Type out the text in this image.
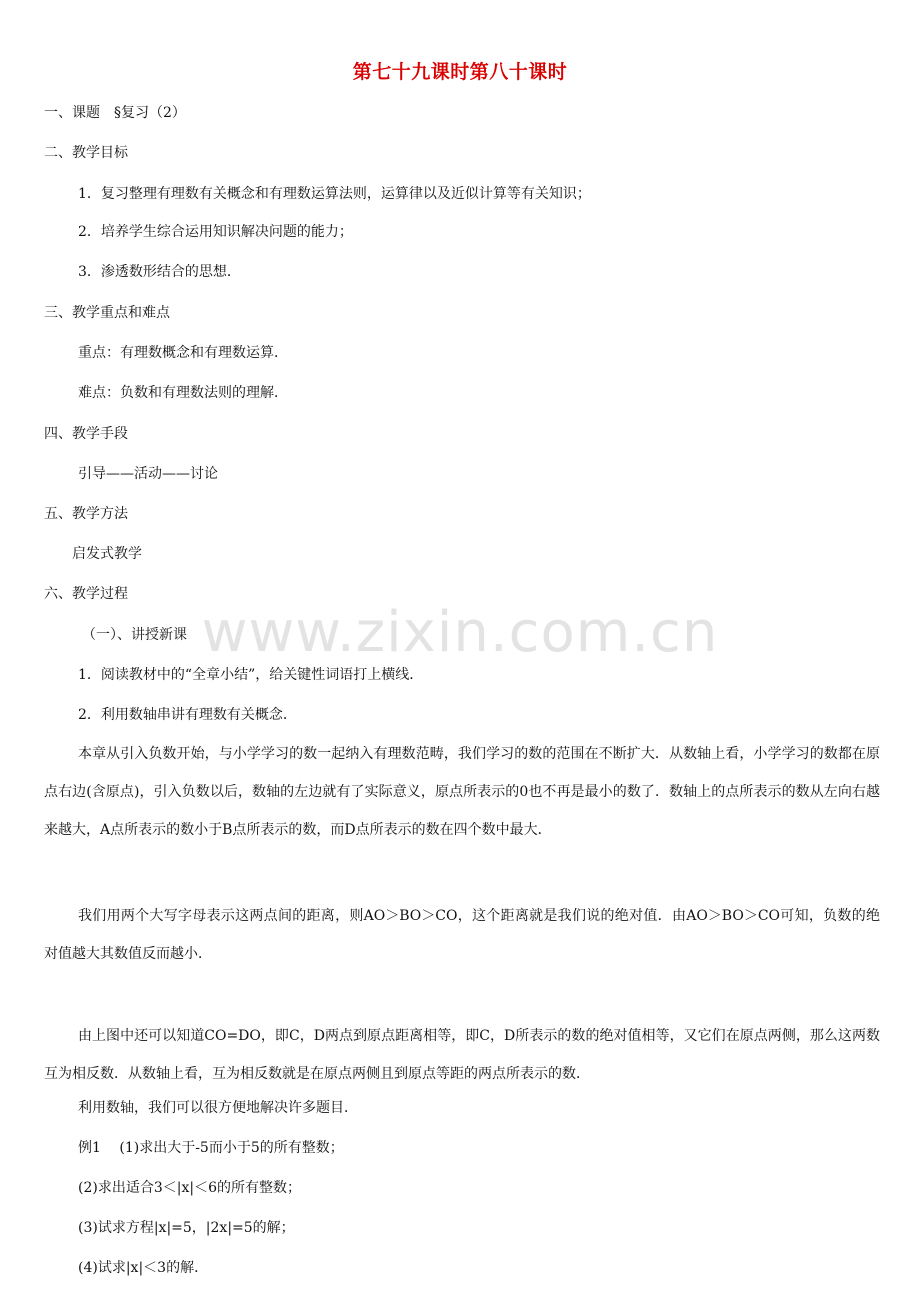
www.zixin.com.cn
第七十九课时第八十课时
一、课题　§复习（2）
二、教学目标
1．复习整理有理数有关概念和有理数运算法则，运算律以及近似计算等有关知识；
2．培养学生综合运用知识解决问题的能力；
3．渗透数形结合的思想．
三、教学重点和难点
重点：有理数概念和有理数运算．
难点：负数和有理数法则的理解．
四、教学手段
引导——活动——讨论
五、教学方法
启发式教学
六、教学过程
（一）、讲授新课
1．阅读教材中的“全章小结”，给关键性词语打上横线．
2．利用数轴串讲有理数有关概念．
本章从引入负数开始，与小学学习的数一起纳入有理数范畴，我们学习的数的范围在不断扩大．从数轴上看，小学学习的数都在原点右边(含原点)，引入负数以后，数轴的左边就有了实际意义，原点所表示的0也不再是最小的数了．数轴上的点所表示的数从左向右越来越大，A点所表示的数小于B点所表示的数，而D点所表示的数在四个数中最大．
我们用两个大写字母表示这两点间的距离，则AO＞BO＞CO，这个距离就是我们说的绝对值．由AO＞BO＞CO可知，负数的绝对值越大其数值反而越小．
由上图中还可以知道CO=DO，即C，D两点到原点距离相等，即C，D所表示的数的绝对值相等，又它们在原点两侧，那么这两数互为相反数．从数轴上看，互为相反数就是在原点两侧且到原点等距的两点所表示的数．
利用数轴，我们可以很方便地解决许多题目．
例1　 (1)求出大于-5而小于5的所有整数；
(2)求出适合3＜|x|＜6的所有整数；
(3)试求方程|x|=5，|2x|=5的解；
(4)试求|x|＜3的解．
